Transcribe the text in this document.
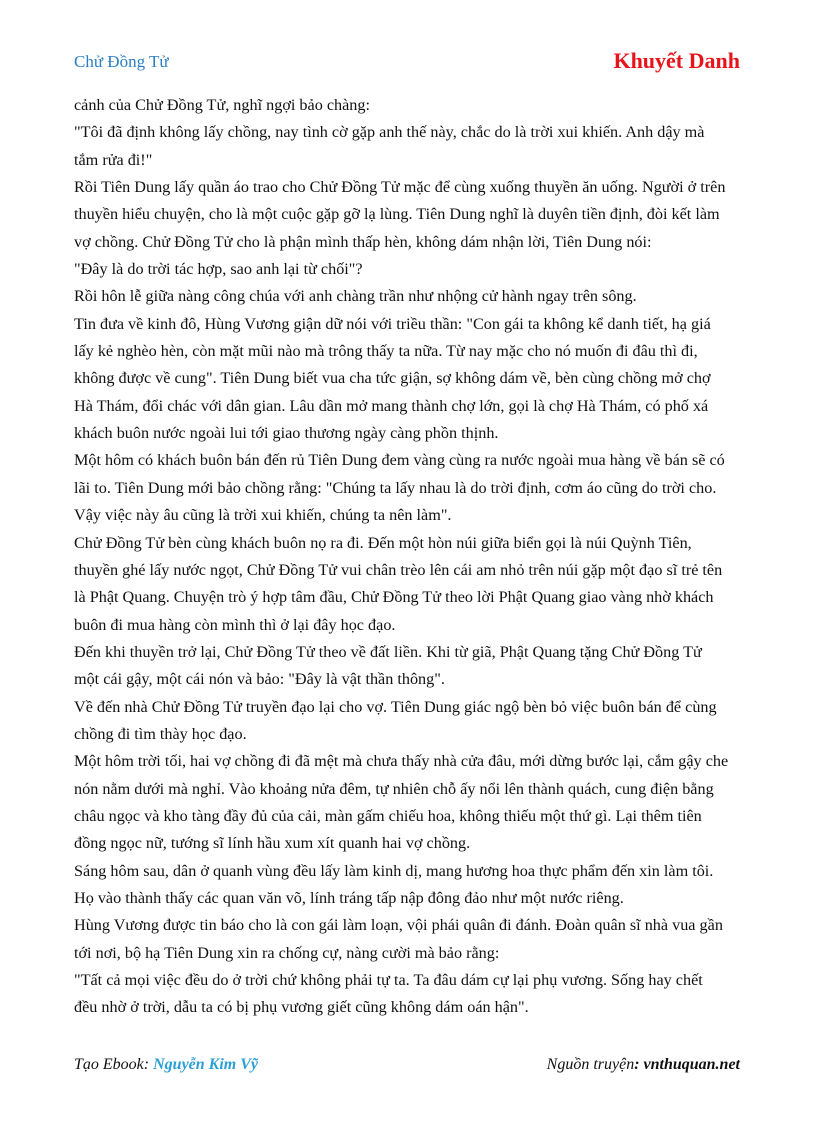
Chử Đồng Tử	Khuyết Danh

cảnh của Chử Đồng Tử, nghĩ ngợi bảo chàng:

"Tôi đã định không lấy chồng, nay tình cờ gặp anh thế này, chắc do là trời xui khiến. Anh dậy mà

tắm rửa đi!"

Rồi Tiên Dung lấy quần áo trao cho Chử Đồng Tử mặc để cùng xuống thuyền ăn uống. Người ở trên

thuyền hiểu chuyện, cho là một cuộc gặp gỡ lạ lùng. Tiên Dung nghĩ là duyên tiền định, đòi kết làm

vợ chồng. Chử Đồng Tử cho là phận mình thấp hèn, không dám nhận lời, Tiên Dung nói:

"Đây là do trời tác hợp, sao anh lại từ chối"?

Rồi hôn lễ giữa nàng công chúa với anh chàng trần như nhộng cử hành ngay trên sông.

Tin đưa về kinh đô, Hùng Vương giận dữ nói với triều thần: "Con gái ta không kể danh tiết, hạ giá

lấy kẻ nghèo hèn, còn mặt mũi nào mà trông thấy ta nữa. Từ nay mặc cho nó muốn đi đâu thì đi,

không được về cung". Tiên Dung biết vua cha tức giận, sợ không dám về, bèn cùng chồng mở chợ

Hà Thám, đổi chác với dân gian. Lâu dần mở mang thành chợ lớn, gọi là chợ Hà Thám, có phố xá

khách buôn nước ngoài lui tới giao thương ngày càng phồn thịnh.

Một hôm có khách buôn bán đến rủ Tiên Dung đem vàng cùng ra nước ngoài mua hàng về bán sẽ có

lãi to. Tiên Dung mới bảo chồng rằng: "Chúng ta lấy nhau là do trời định, cơm áo cũng do trời cho.

Vậy việc này âu cũng là trời xui khiến, chúng ta nên làm".

Chử Đồng Tử bèn cùng khách buôn nọ ra đi. Đến một hòn núi giữa biển gọi là núi Quỳnh Tiên,

thuyền ghé lấy nước ngọt, Chử Đồng Tử vui chân trèo lên cái am nhỏ trên núi gặp một đạo sĩ trẻ tên

là Phật Quang. Chuyện trò ý hợp tâm đầu, Chử Đồng Tử theo lời Phật Quang giao vàng nhờ khách

buôn đi mua hàng còn mình thì ở lại đây học đạo.

Đến khi thuyền trở lại, Chử Đồng Tử theo về đất liền. Khi từ giã, Phật Quang tặng Chử Đồng Tử

một cái gậy, một cái nón và bảo: "Đây là vật thần thông".

Về đến nhà Chử Đồng Tử truyền đạo lại cho vợ. Tiên Dung giác ngộ bèn bỏ việc buôn bán để cùng

chồng đi tìm thày học đạo.

Một hôm trời tối, hai vợ chồng đi đã mệt mà chưa thấy nhà cửa đâu, mới dừng bước lại, cắm gậy che

nón nằm dưới mà nghỉ. Vào khoảng nửa đêm, tự nhiên chỗ ấy nổi lên thành quách, cung điện bằng

châu ngọc và kho tàng đầy đủ của cải, màn gấm chiếu hoa, không thiếu một thứ gì. Lại thêm tiên

đồng ngọc nữ, tướng sĩ lính hầu xum xít quanh hai vợ chồng.

Sáng hôm sau, dân ở quanh vùng đều lấy làm kinh dị, mang hương hoa thực phẩm đến xin làm tôi.

Họ vào thành thấy các quan văn võ, lính tráng tấp nập đông đảo như một nước riêng.

Hùng Vương được tin báo cho là con gái làm loạn, vội phái quân đi đánh. Đoàn quân sĩ nhà vua gần

tới nơi, bộ hạ Tiên Dung xin ra chống cự, nàng cười mà bảo rằng:

"Tất cả mọi việc đều do ở trời chứ không phải tự ta. Ta đâu dám cự lại phụ vương. Sống hay chết

đều nhờ ở trời, dẫu ta có bị phụ vương giết cũng không dám oán hận".

Tạo Ebook: Nguyễn Kim Vỹ	Nguồn truyện: vnthuquan.net
